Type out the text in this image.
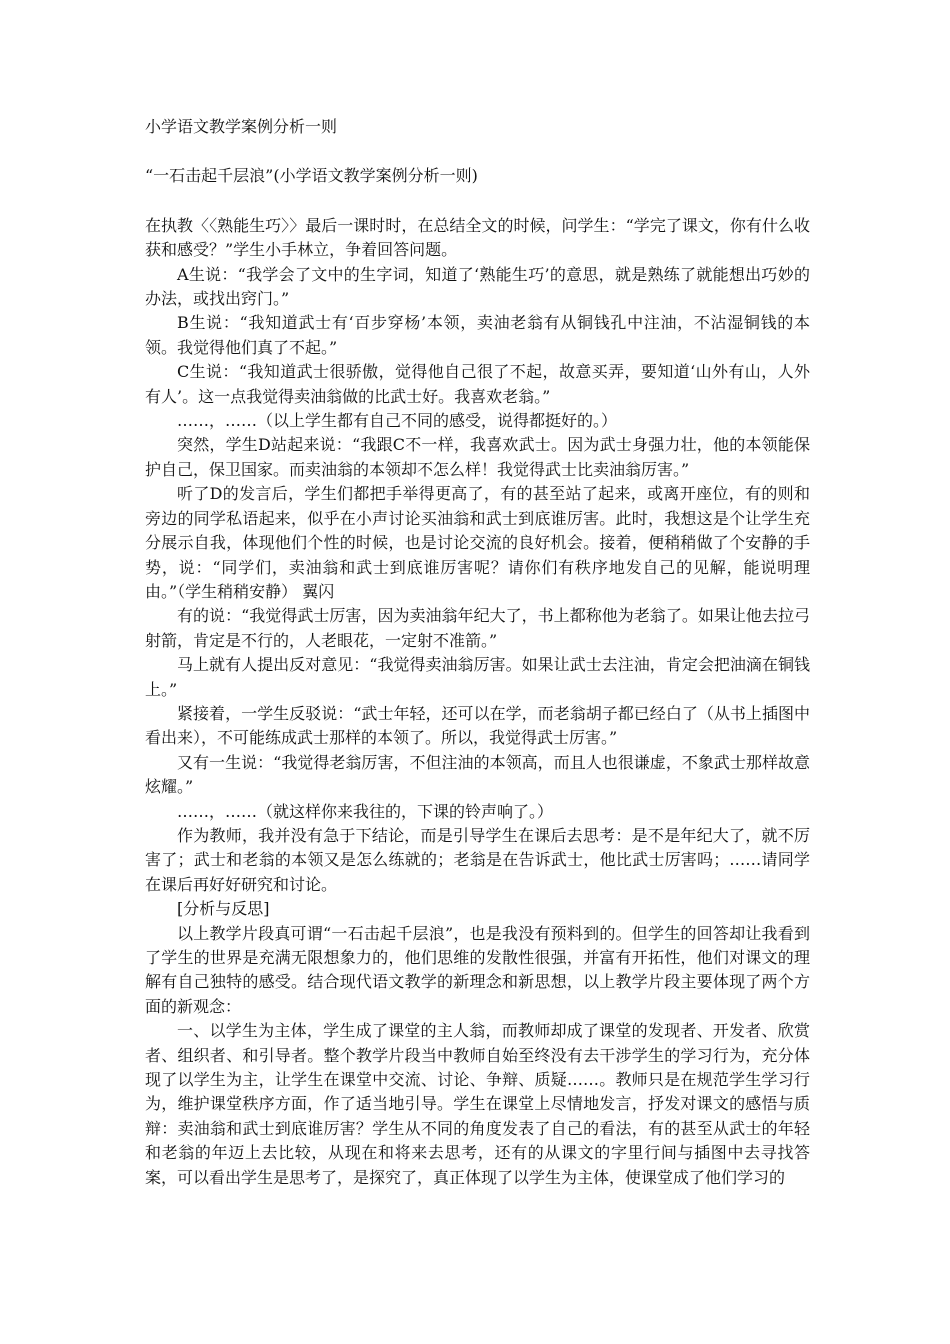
小学语文教学案例分析一则
“一石击起千层浪”(小学语文教学案例分析一则)

在执教〈〈熟能生巧〉〉最后一课时时，在总结全文的时候，问学生：“学完了课文，你有什么收获和感受？”学生小手林立，争着回答问题。

A生说：“我学会了文中的生字词，知道了‘熟能生巧’的意思，就是熟练了就能想出巧妙的办法，或找出窍门。”

B生说：“我知道武士有‘百步穿杨’本领，卖油老翁有从铜钱孔中注油，不沾湿铜钱的本领。我觉得他们真了不起。”

C生说：“我知道武士很骄傲，觉得他自己很了不起，故意买弄，要知道‘山外有山，人外有人’。这一点我觉得卖油翁做的比武士好。我喜欢老翁。”

……，……（以上学生都有自己不同的感受，说得都挺好的。）

突然，学生D站起来说：“我跟C不一样，我喜欢武士。因为武士身强力壮，他的本领能保护自己，保卫国家。而卖油翁的本领却不怎么样！我觉得武士比卖油翁厉害。”

听了D的发言后，学生们都把手举得更高了，有的甚至站了起来，或离开座位，有的则和旁边的同学私语起来，似乎在小声讨论买油翁和武士到底谁厉害。此时，我想这是个让学生充分展示自我，体现他们个性的时候，也是讨论交流的良好机会。接着，便稍稍做了个安静的手势，说：“同学们，卖油翁和武士到底谁厉害呢？请你们有秩序地发自己的见解，能说明理由。”（学生稍稍安静） 翼闪

有的说：“我觉得武士厉害，因为卖油翁年纪大了，书上都称他为老翁了。如果让他去拉弓射箭，肯定是不行的，人老眼花，一定射不准箭。”

马上就有人提出反对意见：“我觉得卖油翁厉害。如果让武士去注油，肯定会把油滴在铜钱上。”

紧接着，一学生反驳说：“武士年轻，还可以在学，而老翁胡子都已经白了（从书上插图中看出来），不可能练成武士那样的本领了。所以，我觉得武士厉害。”

又有一生说：“我觉得老翁厉害，不但注油的本领高，而且人也很谦虚，不象武士那样故意炫耀。”

……，……（就这样你来我往的，下课的铃声响了。）

作为教师，我并没有急于下结论，而是引导学生在课后去思考：是不是年纪大了，就不厉害了；武士和老翁的本领又是怎么练就的；老翁是在告诉武士，他比武士厉害吗；……请同学在课后再好好研究和讨论。

[分析与反思]

以上教学片段真可谓“一石击起千层浪”，也是我没有预料到的。但学生的回答却让我看到了学生的世界是充满无限想象力的，他们思维的发散性很强，并富有开拓性，他们对课文的理解有自己独特的感受。结合现代语文教学的新理念和新思想，以上教学片段主要体现了两个方面的新观念：

一、以学生为主体，学生成了课堂的主人翁，而教师却成了课堂的发现者、开发者、欣赏者、组织者、和引导者。整个教学片段当中教师自始至终没有去干涉学生的学习行为，充分体现了以学生为主，让学生在课堂中交流、讨论、争辩、质疑……。教师只是在规范学生学习行为，维护课堂秩序方面，作了适当地引导。学生在课堂上尽情地发言，抒发对课文的感悟与质辩：卖油翁和武士到底谁厉害？学生从不同的角度发表了自己的看法，有的甚至从武士的年轻和老翁的年迈上去比较，从现在和将来去思考，还有的从课文的字里行间与插图中去寻找答案，可以看出学生是思考了，是探究了，真正体现了以学生为主体，使课堂成了他们学习的
